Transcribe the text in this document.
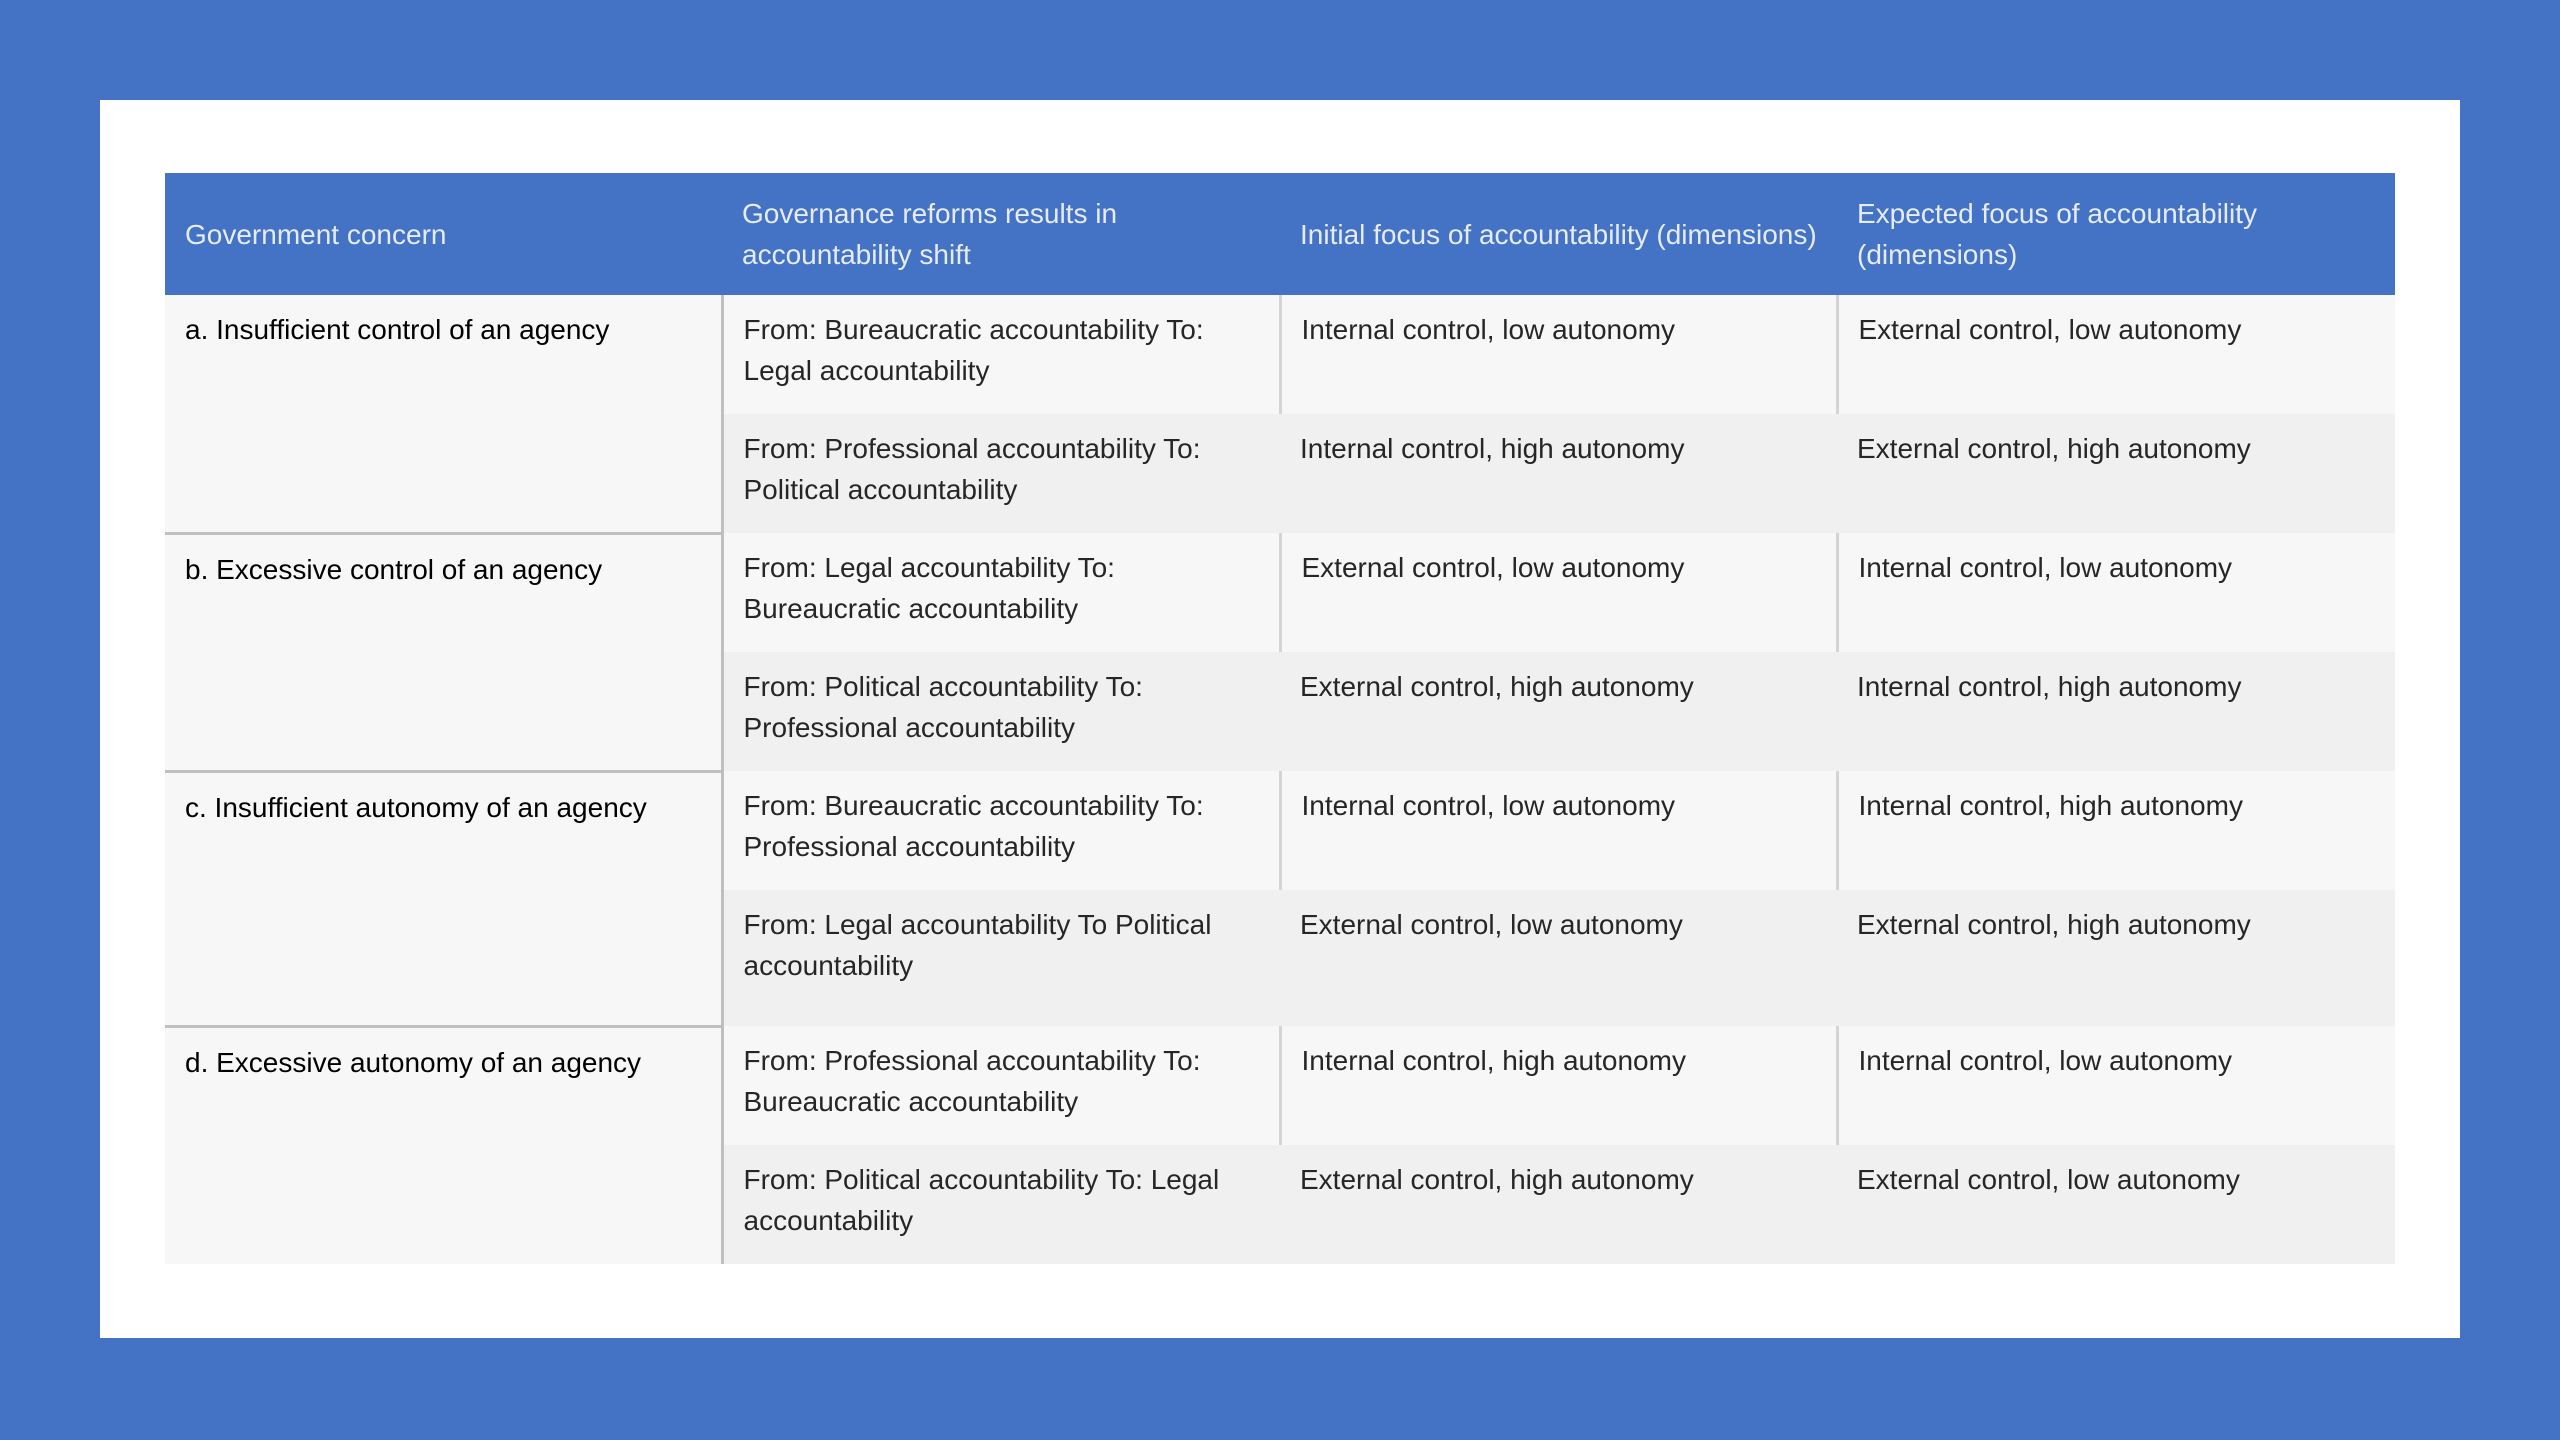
Government concern	Governance reforms results in accountability shift	Initial focus of accountability (dimensions)	Expected focus of accountability (dimensions)
a. Insufficient control of an agency	From: Bureaucratic accountability To: Legal accountability	Internal control, low autonomy	External control, low autonomy
	From: Professional accountability To: Political accountability	Internal control, high autonomy	External control, high autonomy
b. Excessive control of an agency	From: Legal accountability To: Bureaucratic accountability	External control, low autonomy	Internal control, low autonomy
	From: Political accountability To: Professional accountability	External control, high autonomy	Internal control, high autonomy
c. Insufficient autonomy of an agency	From: Bureaucratic accountability To: Professional accountability	Internal control, low autonomy	Internal control, high autonomy
	From: Legal accountability To Political accountability	External control, low autonomy	External control, high autonomy
d. Excessive autonomy of an agency	From: Professional accountability To: Bureaucratic accountability	Internal control, high autonomy	Internal control, low autonomy
	From: Political accountability To: Legal accountability	External control, high autonomy	External control, low autonomy
